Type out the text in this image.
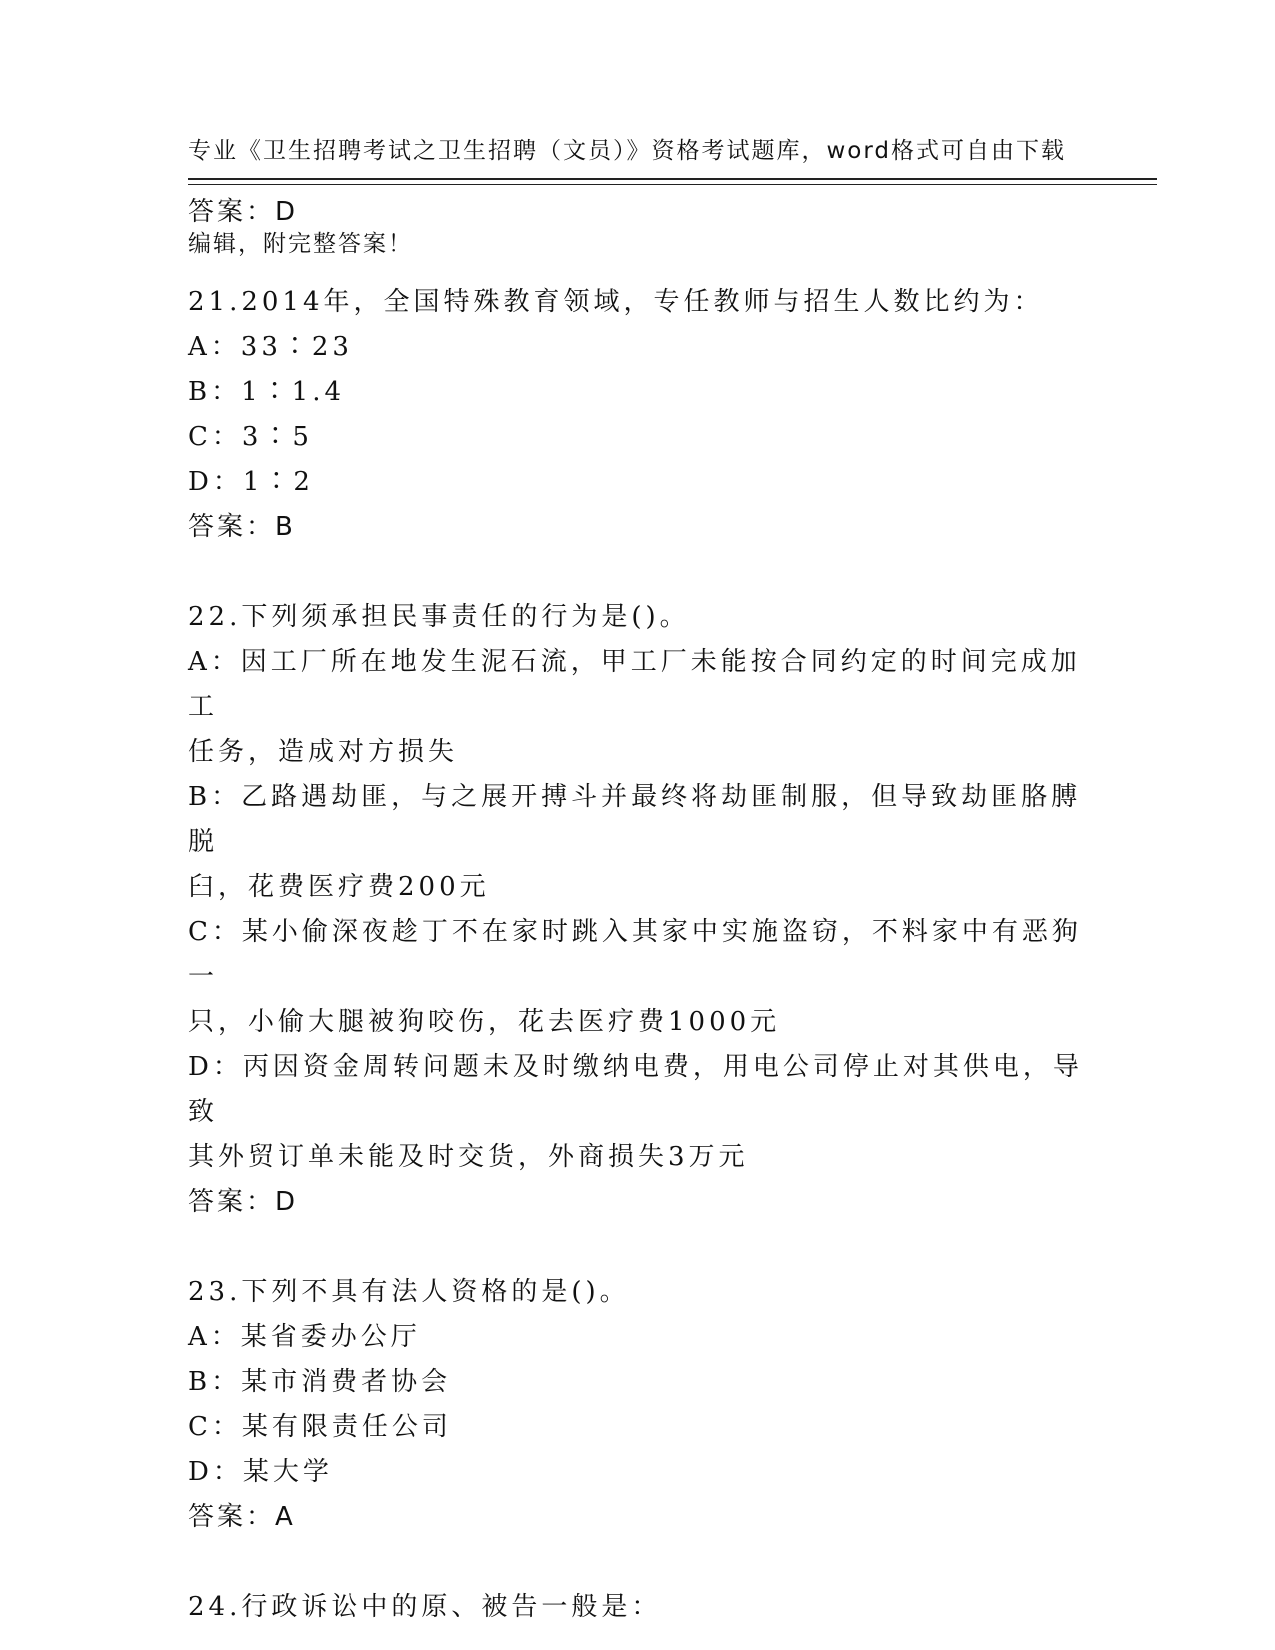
专业《卫生招聘考试之卫生招聘（文员）》资格考试题库，word格式可自由下载

编辑，附完整答案！

答案：D

21.2014年，全国特殊教育领域，专任教师与招生人数比约为：

A：33∶23

B：1∶1.4

C：3∶5

D：1∶2

答案：B

22.下列须承担民事责任的行为是()。

A：因工厂所在地发生泥石流，甲工厂未能按合同约定的时间完成加工

任务，造成对方损失

B：乙路遇劫匪，与之展开搏斗并最终将劫匪制服，但导致劫匪胳膊脱

臼，花费医疗费200元

C：某小偷深夜趁丁不在家时跳入其家中实施盗窃，不料家中有恶狗一

只，小偷大腿被狗咬伤，花去医疗费1000元

D：丙因资金周转问题未及时缴纳电费，用电公司停止对其供电，导致

其外贸订单未能及时交货，外商损失3万元

答案：D

23.下列不具有法人资格的是()。

A：某省委办公厅

B：某市消费者协会

C：某有限责任公司

D：某大学

答案：A

24.行政诉讼中的原、被告一般是：
